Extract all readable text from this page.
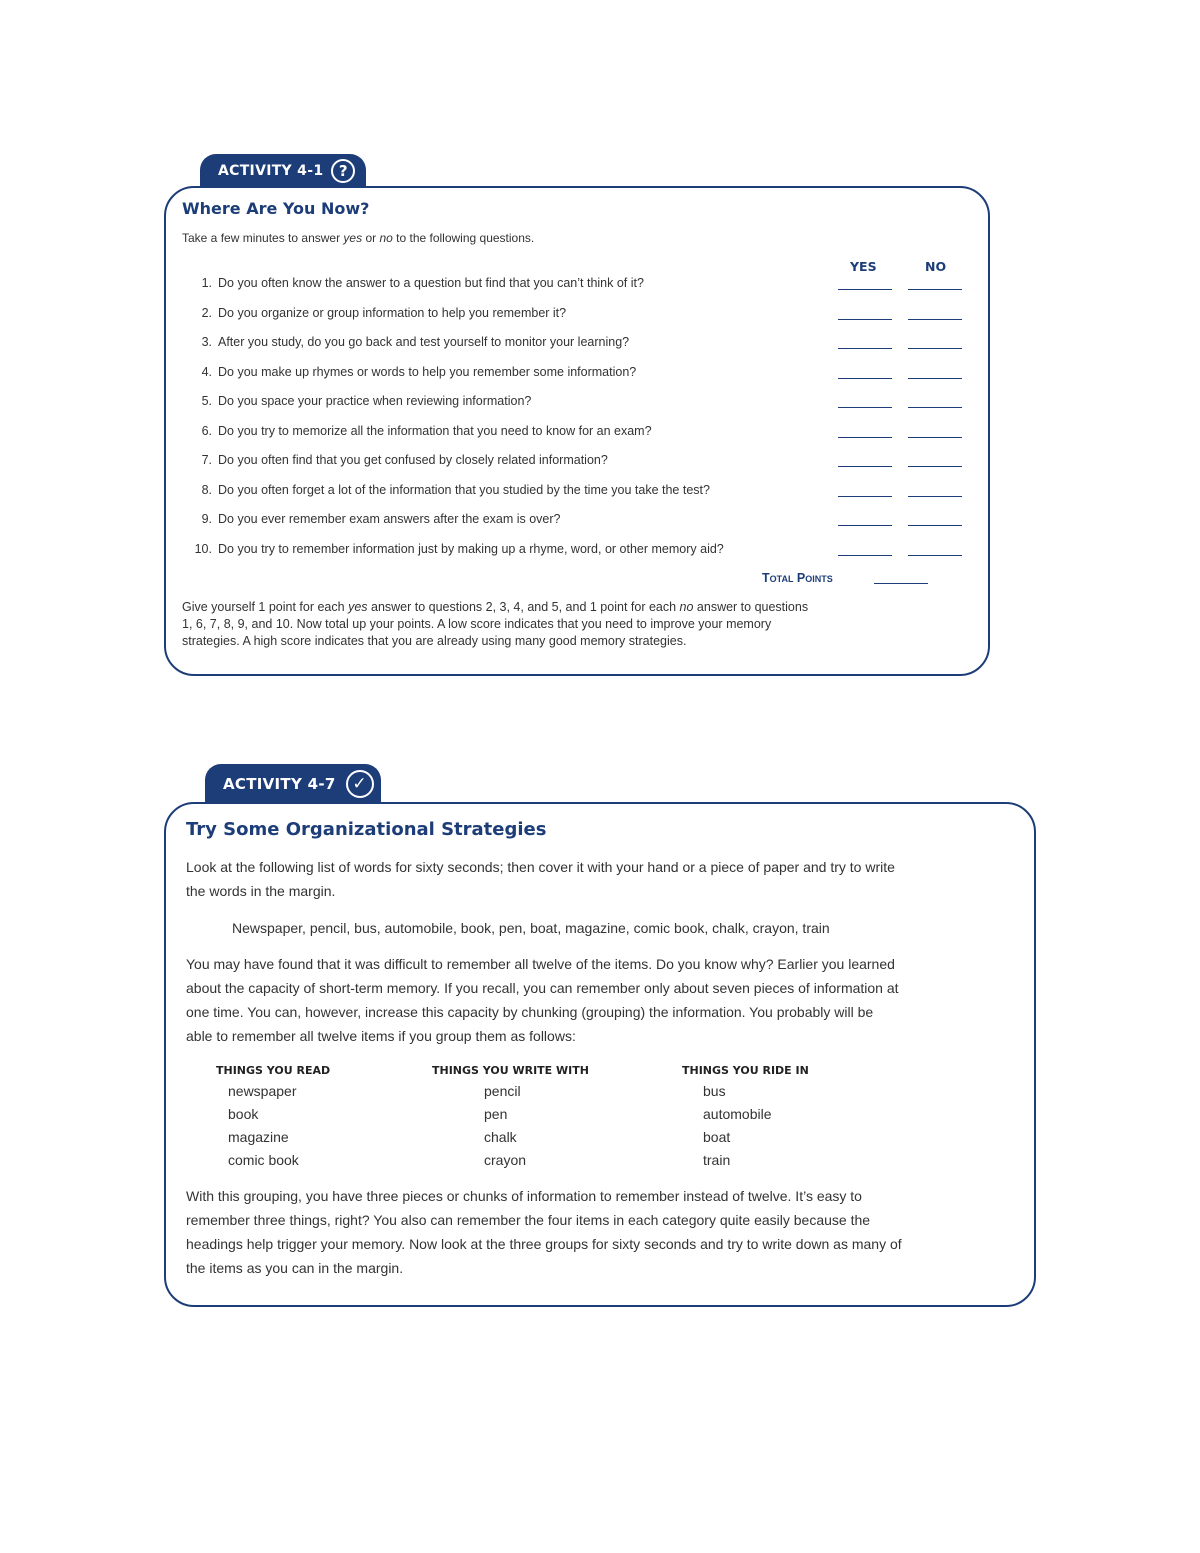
ACTIVITY 4-1	?
Where Are You Now?
Take a few minutes to answer yes or no to the following questions.
YES	NO
1. Do you often know the answer to a question but find that you can’t think of it?
2. Do you organize or group information to help you remember it?
3. After you study, do you go back and test yourself to monitor your learning?
4. Do you make up rhymes or words to help you remember some information?
5. Do you space your practice when reviewing information?
6. Do you try to memorize all the information that you need to know for an exam?
7. Do you often find that you get confused by closely related information?
8. Do you often forget a lot of the information that you studied by the time you take the test?
9. Do you ever remember exam answers after the exam is over?
10. Do you try to remember information just by making up a rhyme, word, or other memory aid?
Total Points
Give yourself 1 point for each yes answer to questions 2, 3, 4, and 5, and 1 point for each no answer to questions
1, 6, 7, 8, 9, and 10. Now total up your points. A low score indicates that you need to improve your memory
strategies. A high score indicates that you are already using many good memory strategies.
ACTIVITY 4-7 ✓
Try Some Organizational Strategies
Look at the following list of words for sixty seconds; then cover it with your hand or a piece of paper and try to write
the words in the margin.
Newspaper, pencil, bus, automobile, book, pen, boat, magazine, comic book, chalk, crayon, train
You may have found that it was difficult to remember all twelve of the items. Do you know why? Earlier you learned
about the capacity of short-term memory. If you recall, you can remember only about seven pieces of information at
one time. You can, however, increase this capacity by chunking (grouping) the information. You probably will be
able to remember all twelve items if you group them as follows:
THINGS YOU READ
newspaper
book
magazine
comic book
THINGS YOU WRITE WITH
pencil
pen
chalk
crayon
THINGS YOU RIDE IN
bus
automobile
boat
train
With this grouping, you have three pieces or chunks of information to remember instead of twelve. It’s easy to
remember three things, right? You also can remember the four items in each category quite easily because the
headings help trigger your memory. Now look at the three groups for sixty seconds and try to write down as many of
the items as you can in the margin.
